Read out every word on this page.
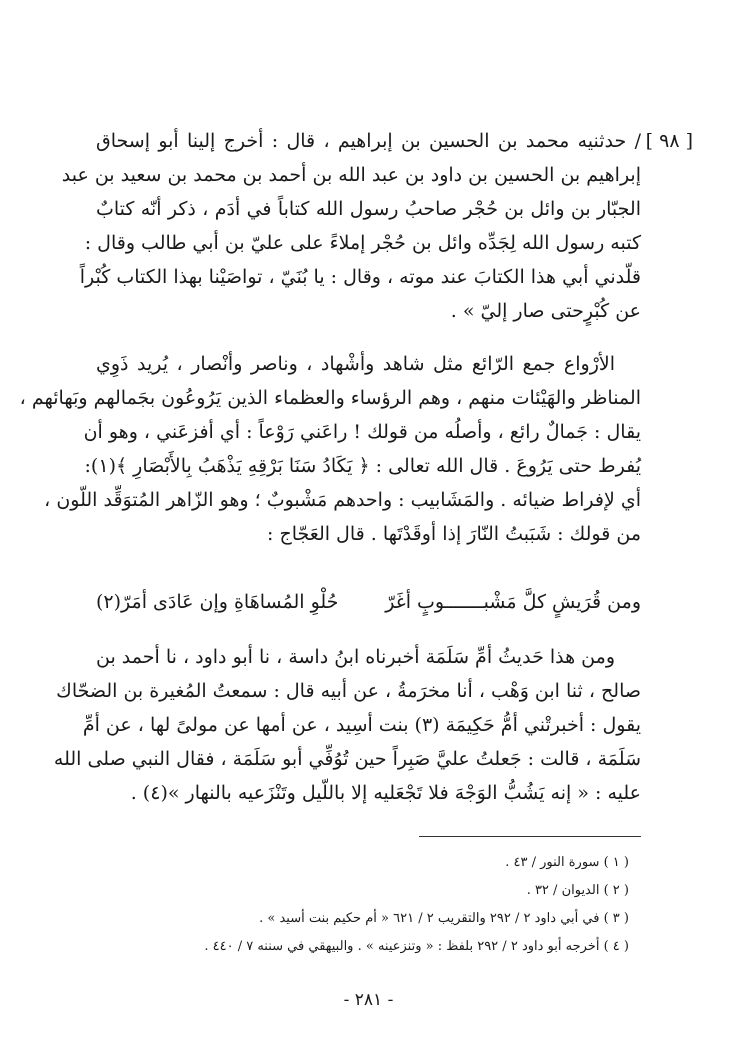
[ ٩٨ ]
/ حدثنيه محمد بن الحسين بن إبراهيم ، قال : أخرج إلينا أبو إسحاق
إبراهيم بن الحسين بن داود بن عبد الله بن أحمد بن محمد بن سعيد بن عبد
الجبّار بن وائل بن حُجْر صاحبُ رسول الله كتاباً في أدَم ، ذكر أنّه كتابٌ
كتبه رسول الله لِجَدِّه وائل بن حُجْر إملاءً على عليّ بن أبي طالب وقال :
قلّدني أبي هذا الكتابَ عند موته ، وقال : يا بُنَيّ ، تواصَيْنا بهذا الكتاب كُبْراً
عن كُبْرٍحتى صار إليّ » .
الأرْواع جمع الرّائع مثل شاهد وأشْهاد ، وناصر وأنْصار ، يُريد ذَوِي
المناظر والهَيْئات منهم ، وهم الرؤساء والعظماء الذين يَرُوعُون بجَمالهم وبَهائهم ،
يقال : جَمالٌ رائع ، وأصلُه من قولك ! راعَني رَوْعاً : أي أفزعَني ، وهو أن
يُفرط حتى يَرُوعَ . قال الله تعالى : ﴿ يَكَادُ سَنَا بَرْقِهِ يَذْهَبُ بِالأَبْصَارِ ﴾(١):
أي لإفراط ضيائه . والمَشَابيب : واحدهم مَشْبوبٌ ؛ وهو الزّاهر المُتوَقِّد اللّون ،
من قولك : شَبَبتُ النّارَ إذا أوقَدْتَها . قال العَجّاج :
ومن قُرَيشٍ كلَّ مَشْبـــــــوبٍ أغَرّ
حُلْوِ المُساهَاةِ وإن عَادَى أمَرّ(٢)
ومن هذا حَديثُ أمِّ سَلَمَة أخبرناه ابنُ داسة ، نا أبو داود ، نا أحمد بن
صالح ، ثنا ابن وَهْب ، أنا مخرَمةُ ، عن أبيه قال : سمعتُ المُغيرة بن الضحّاك
يقول : أخبرتْني أمُّ حَكِيمَة (٣) بنت أسِيد ، عن أمها عن مولىً لها ، عن أمِّ
سَلَمَة ، قالت : جَعلتُ عليَّ صَبِراً حين تُوُفِّي أبو سَلَمَة ، فقال النبي صلى الله
عليه : « إنه يَشُبُّ الوَجْهَ فلا تَجْعَليه إلا باللّيل وتَنْزَعيه بالنهار »(٤) .
( ١ ) سورة النور / ٤٣ .
( ٢ ) الديوان / ٣٢ .
( ٣ ) في أبي داود ٢ / ٢٩٢ والتقريب ٢ / ٦٢١ « أم حكيم بنت أسيد » .
( ٤ ) أخرجه أبو داود ٢ / ٢٩٢ بلفظ : « وتنزعينه » . والبيهقي في سننه ٧ / ٤٤٠ .
- ٢٨١ -
